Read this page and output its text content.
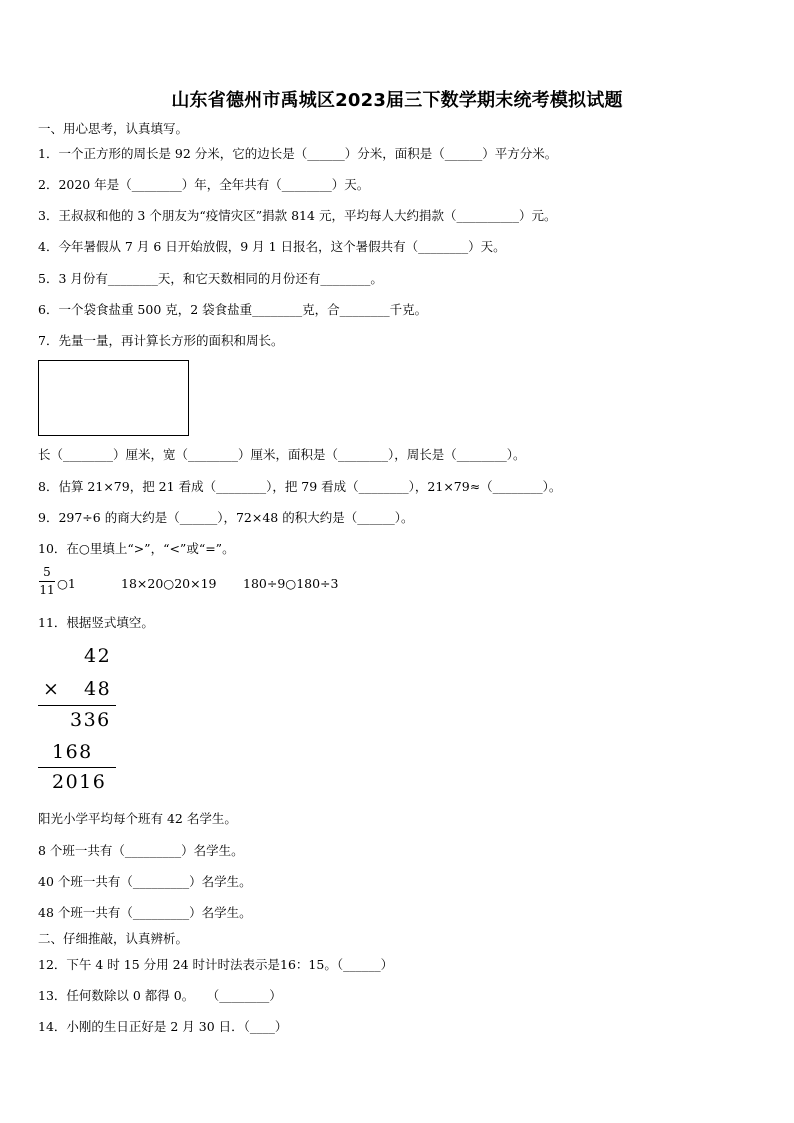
山东省德州市禹城区2023届三下数学期末统考模拟试题
一、用心思考，认真填写。
1．一个正方形的周长是 92 分米，它的边长是（______）分米，面积是（______）平方分米。
2．2020 年是（________）年，全年共有（________）天。
3．王叔叔和他的 3 个朋友为“疫情灾区”捐款 814 元，平均每人大约捐款（__________）元。
4．今年暑假从 7 月 6 日开始放假，9 月 1 日报名，这个暑假共有（________）天。
5．3 月份有________天，和它天数相同的月份还有________。
6．一个袋食盐重 500 克，2 袋食盐重________克，合________千克。
7．先量一量，再计算长方形的面积和周长。
长（________）厘米，宽（________）厘米，面积是（________），周长是（________）。
8．估算 21×79，把 21 看成（________），把 79 看成（________），21×79≈（________）。
9．297÷6 的商大约是（______），72×48 的积大约是（______）。
10．在○里填上“>”，“<”或“=”。
5
11 ○1	18×20○20×19 180÷9○180÷3
11．根据竖式填空。
42
× 48
336
168
2016
阳光小学平均每个班有 42 名学生。
8 个班一共有（_________）名学生。
40 个班一共有（_________）名学生。
48 个班一共有（_________）名学生。
二、仔细推敲，认真辨析。
12．下午 4 时 15 分用 24 时计时法表示是16：15。（______）
13．任何数除以 0 都得 0。　　（________）
14．小刚的生日正好是 2 月 30 日．（____）
